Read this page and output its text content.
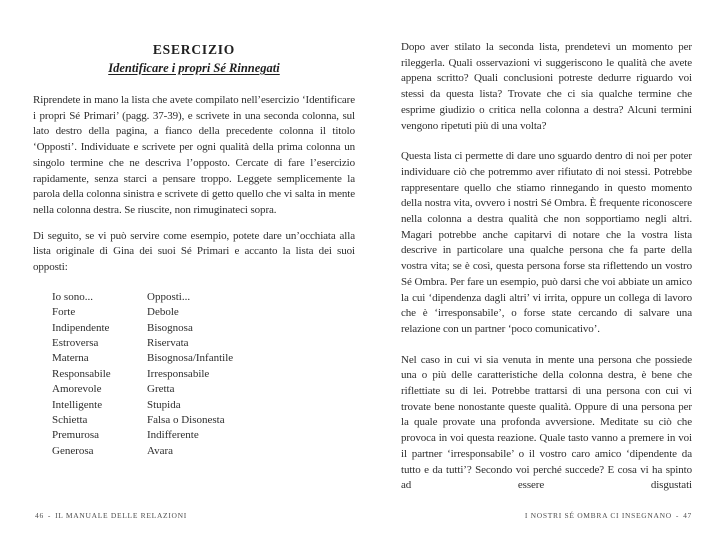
ESERCIZIO
Identificare i propri Sé Rinnegati

Riprendete in mano la lista che avete compilato nell’esercizio ‘Identificare i propri Sé Primari’ (pagg. 37-39), e scrivete in una seconda colonna, sul lato destro della pagina, a fianco della precedente colonna il titolo ‘Opposti’. Individuate e scrivete per ogni qualità della prima colonna un singolo termine che ne descriva l’opposto. Cercate di fare l’esercizio rapidamente, senza starci a pensare troppo. Leggete semplicemente la parola della colonna sinistra e scrivete di getto quello che vi salta in mente nella colonna destra. Se riuscite, non rimuginateci sopra.

Di seguito, se vi può servire come esempio, potete dare un’occhiata alla lista originale di Gina dei suoi Sé Primari e accanto la lista dei suoi opposti:

Io sono...	Opposti...
Forte	Debole
Indipendente	Bisognosa
Estroversa	Riservata
Materna	Bisognosa/Infantile
Responsabile	Irresponsabile
Amorevole	Gretta
Intelligente	Stupida
Schietta	Falsa o Disonesta
Premurosa	Indifferente
Generosa	Avara

Dopo aver stilato la seconda lista, prendetevi un momento per rileggerla. Quali osservazioni vi suggeriscono le qualità che avete appena scritto? Quali conclusioni potreste dedurre riguardo voi stessi da questa lista? Trovate che ci sia qualche termine che esprime giudizio o critica nella colonna a destra? Alcuni termini vengono ripetuti più di una volta?

Questa lista ci permette di dare uno sguardo dentro di noi per poter individuare ciò che potremmo aver rifiutato di noi stessi. Potrebbe rappresentare quello che stiamo rinnegando in questo momento della nostra vita, ovvero i nostri Sé Ombra. È frequente riconoscere nella colonna a destra qualità che non sopportiamo negli altri. Magari potrebbe anche capitarvi di notare che la vostra lista descrive in particolare una qualche persona che fa parte della vostra vita; se è così, questa persona forse sta riflettendo un vostro Sé Ombra. Per fare un esempio, può darsi che voi abbiate un amico la cui ‘dipendenza dagli altri’ vi irrita, oppure un collega di lavoro che è ‘irresponsabile’, o forse state cercando di salvare una relazione con un partner ‘poco comunicativo’.

Nel caso in cui vi sia venuta in mente una persona che possiede una o più delle caratteristiche della colonna destra, è bene che riflettiate su di lei. Potrebbe trattarsi di una persona con cui vi trovate bene nonostante queste qualità. Oppure di una persona per la quale provate una profonda avversione. Meditate su ciò che provoca in voi questa reazione. Quale tasto vanno a premere in voi il partner ‘irresponsabile’ o il vostro caro amico ‘dipendente da tutto e da tutti’? Secondo voi perché succede? E cosa vi ha spinto ad essere disgustati

46 - IL MANUALE DELLE RELAZIONI	I NOSTRI SÉ OMBRA CI INSEGNANO - 47
